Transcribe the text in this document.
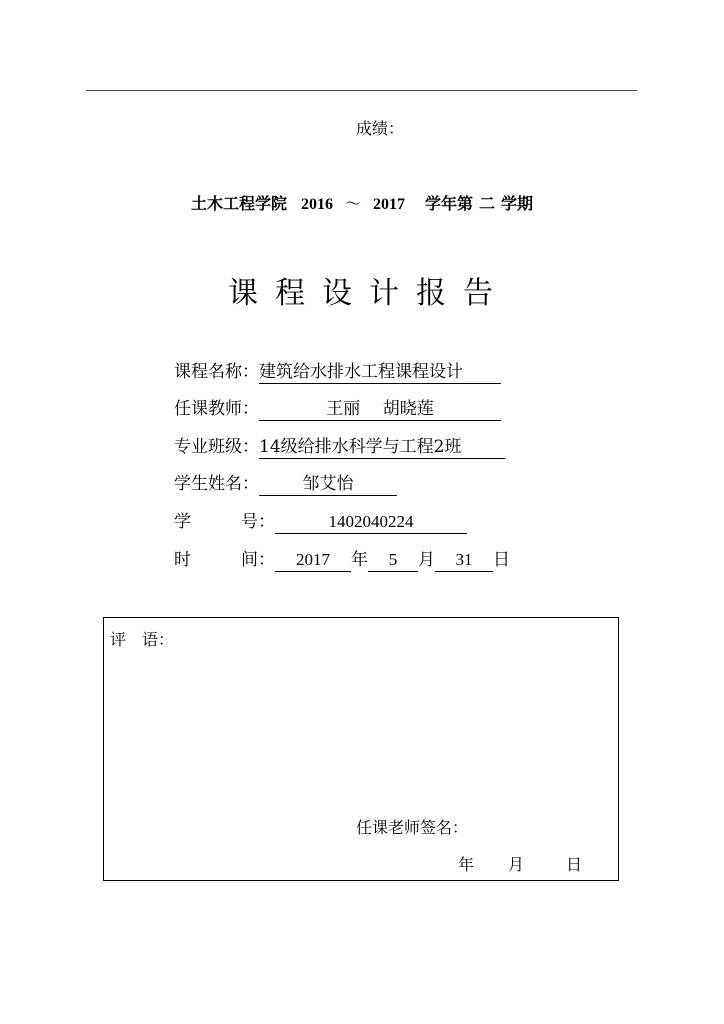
成绩：
土木工程学院 2016 ～ 2017 学年第 二 学期
课程设计报告
课程名称：建筑给水排水工程课程设计
任课教师：	王丽　 胡晓莲
专业班级：14级给排水科学与工程2班
学生姓名：	邹艾怡
学	号 ：	1402040224
时	间 ： 2017 年 5 月 31 日
评 语：
任课老师签名：
年 月	日
